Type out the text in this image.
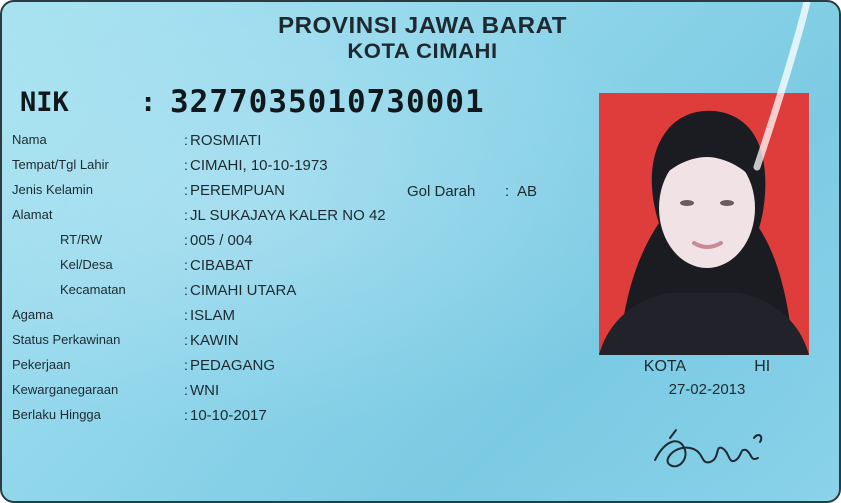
PROVINSI JAWA BARAT
KOTA CIMAHI
NIK	: 3277035010730001
Nama	: ROSMIATI
Tempat/Tgl Lahir	: CIMAHI, 10-10-1973
Jenis Kelamin	: PEREMPUAN
Alamat	: JL SUKAJAYA KALER NO 42
RT/RW	: 005 / 004
Kel/Desa	: CIBABAT
Kecamatan	: CIMAHI UTARA
Agama	: ISLAM
Status Perkawinan	: KAWIN
Pekerjaan	: PEDAGANG
Kewarganegaraan	: WNI
Berlaku Hingga	: 10-10-2017
Gol Darah : AB
KOTA	HI
27-02-2013
